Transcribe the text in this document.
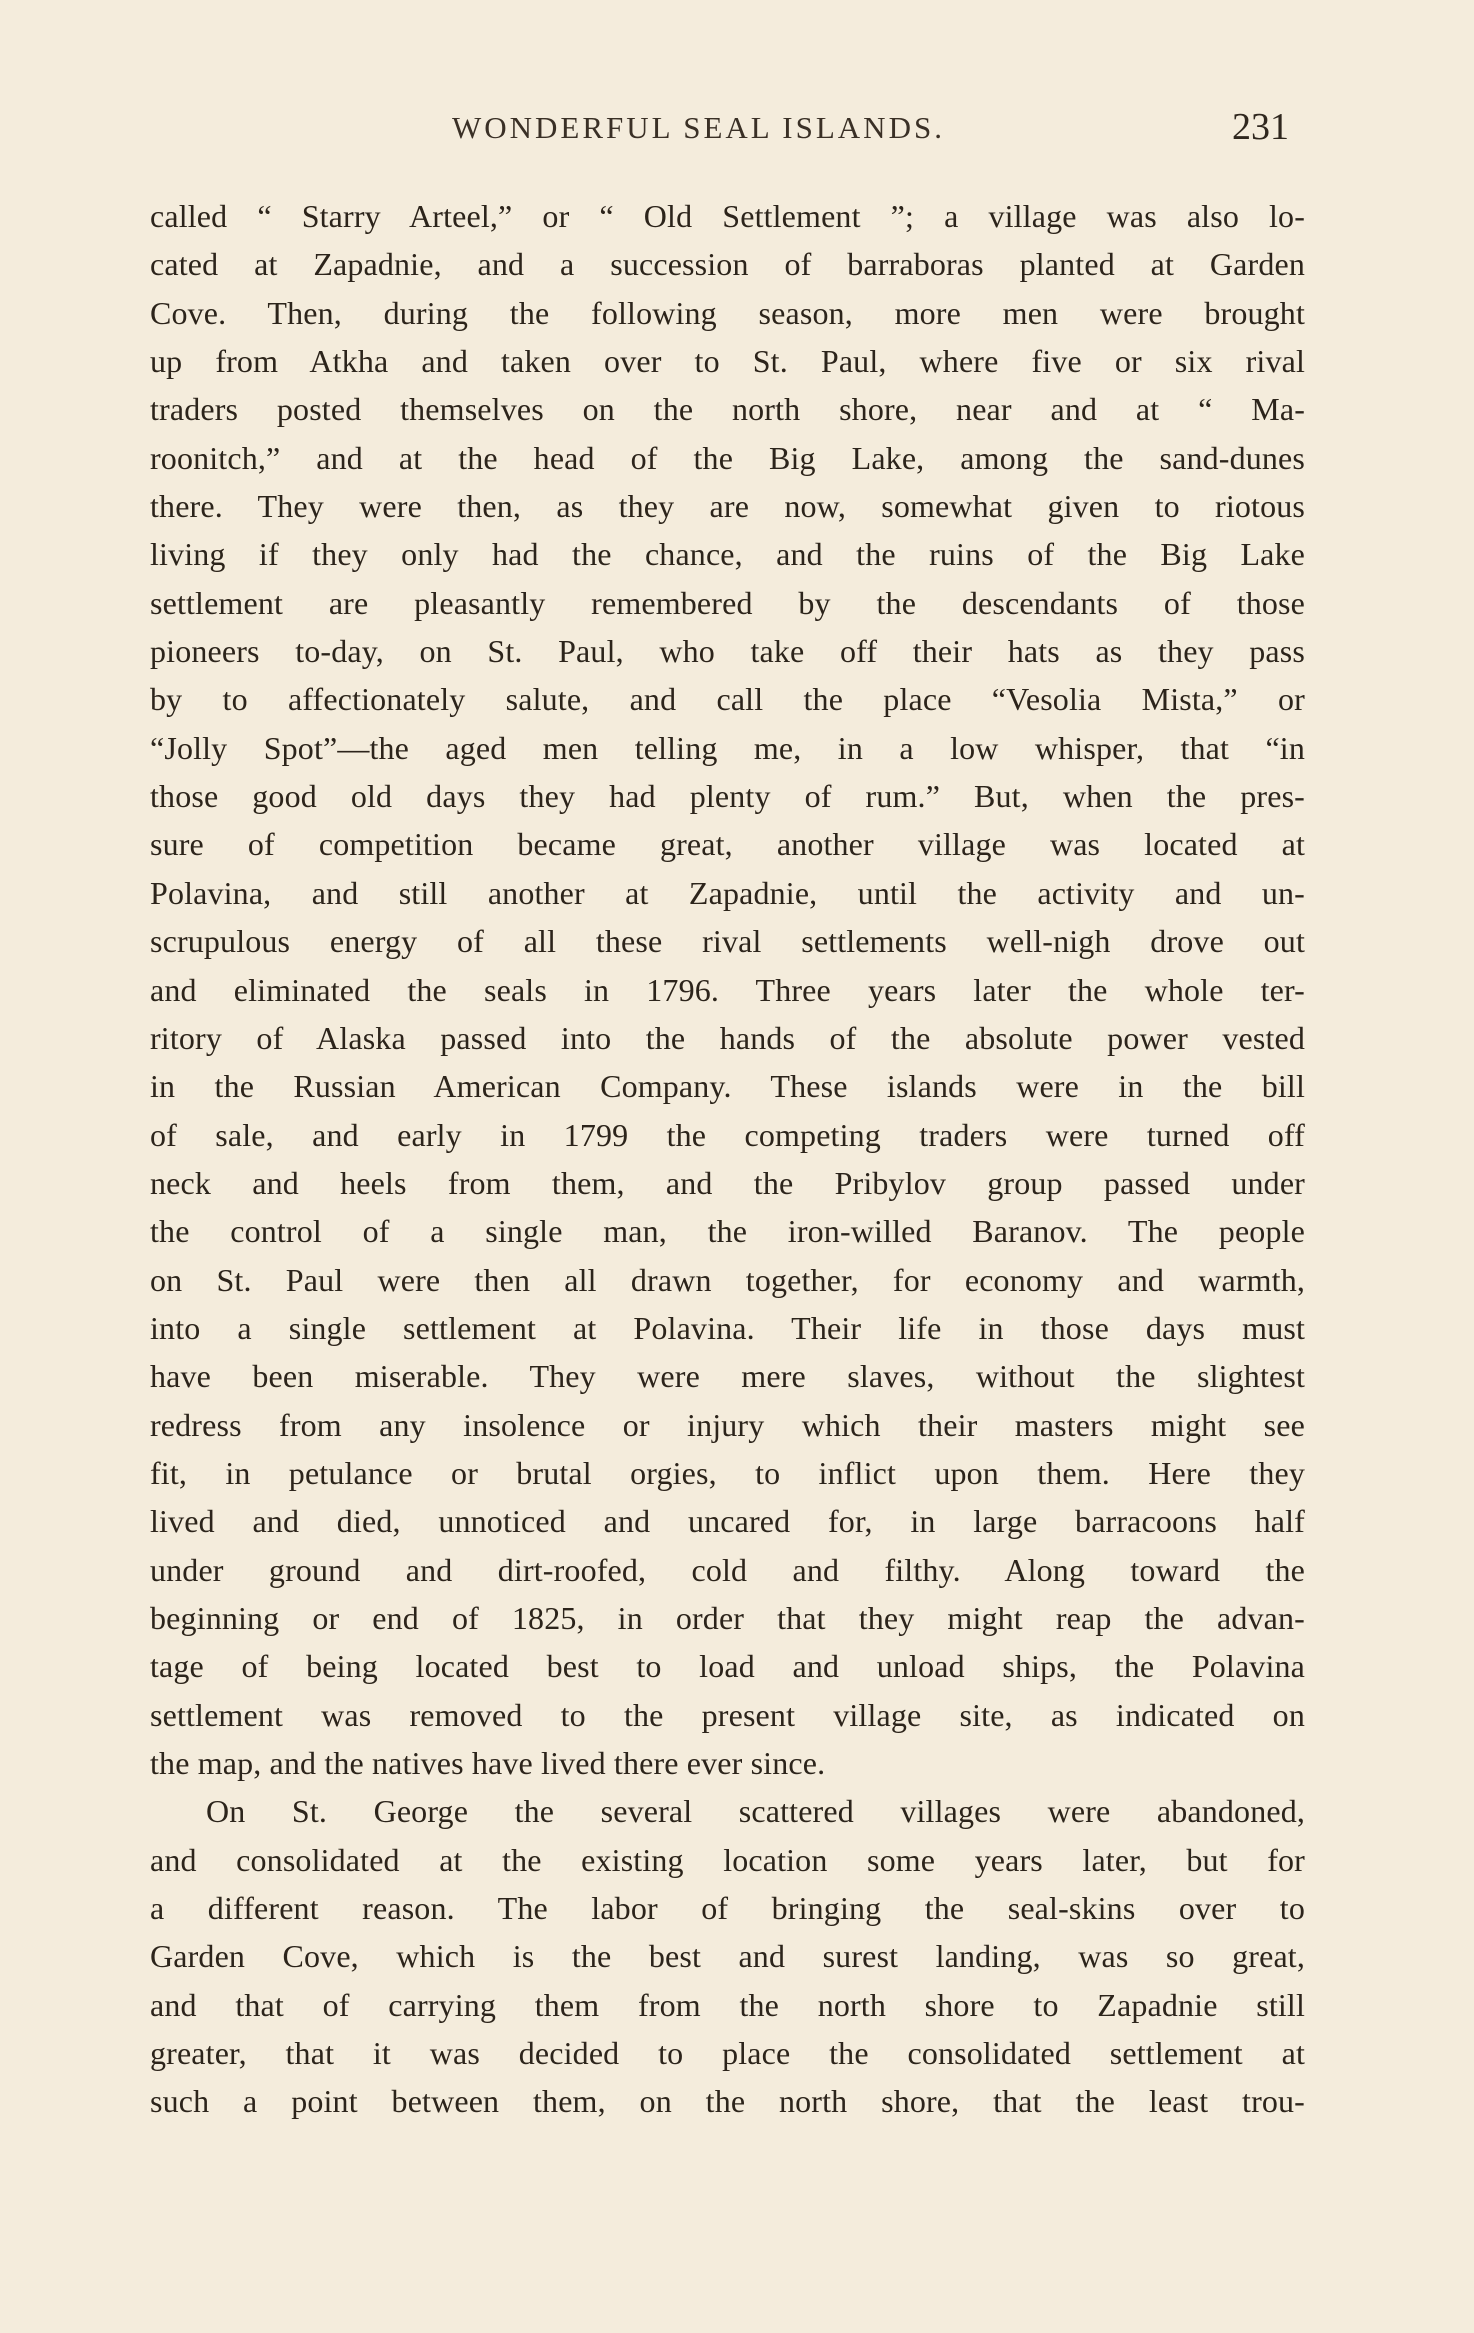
WONDERFUL SEAL ISLANDS.	231
called “ Starry Arteel,” or “ Old Settlement ”; a village was also lo-
cated at Zapadnie, and a succession of barraboras planted at Garden
Cove. Then, during the following season, more men were brought
up from Atkha and taken over to St. Paul, where five or six rival
traders posted themselves on the north shore, near and at “ Ma-
roonitch,” and at the head of the Big Lake, among the sand-dunes
there. They were then, as they are now, somewhat given to riotous
living if they only had the chance, and the ruins of the Big Lake
settlement are pleasantly remembered by the descendants of those
pioneers to-day, on St. Paul, who take off their hats as they pass
by to affectionately salute, and call the place “Vesolia Mista,” or
“Jolly Spot”—the aged men telling me, in a low whisper, that “in
those good old days they had plenty of rum.” But, when the pres-
sure of competition became great, another village was located at
Polavina, and still another at Zapadnie, until the activity and un-
scrupulous energy of all these rival settlements well-nigh drove out
and eliminated the seals in 1796. Three years later the whole ter-
ritory of Alaska passed into the hands of the absolute power vested
in the Russian American Company. These islands were in the bill
of sale, and early in 1799 the competing traders were turned off
neck and heels from them, and the Pribylov group passed under
the control of a single man, the iron-willed Baranov. The people
on St. Paul were then all drawn together, for economy and warmth,
into a single settlement at Polavina. Their life in those days must
have been miserable. They were mere slaves, without the slightest
redress from any insolence or injury which their masters might see
fit, in petulance or brutal orgies, to inflict upon them. Here they
lived and died, unnoticed and uncared for, in large barracoons half
under ground and dirt-roofed, cold and filthy. Along toward the
beginning or end of 1825, in order that they might reap the advan-
tage of being located best to load and unload ships, the Polavina
settlement was removed to the present village site, as indicated on
the map, and the natives have lived there ever since.
On St. George the several scattered villages were abandoned,
and consolidated at the existing location some years later, but for
a different reason. The labor of bringing the seal-skins over to
Garden Cove, which is the best and surest landing, was so great,
and that of carrying them from the north shore to Zapadnie still
greater, that it was decided to place the consolidated settlement at
such a point between them, on the north shore, that the least trou-
